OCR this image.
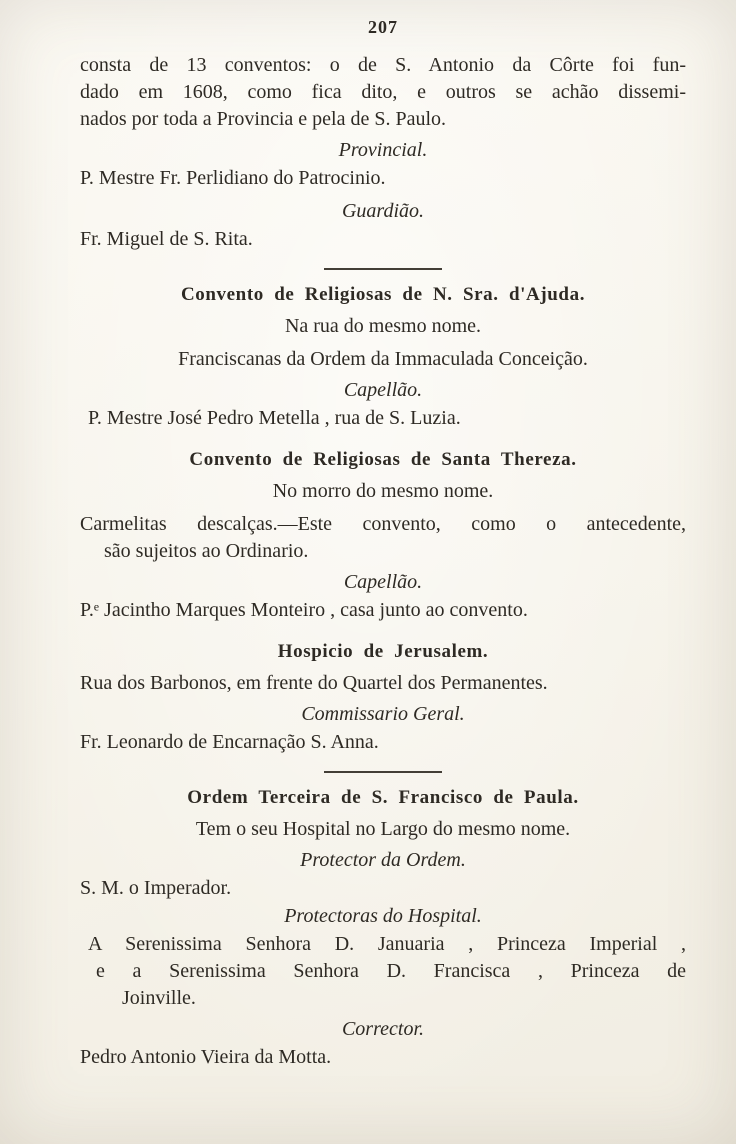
207

consta de 13 conventos: o de S. Antonio da Côrte foi fun-

dado em 1608, como fica dito, e outros se achão dissemi-

nados por toda a Provincia e pela de S. Paulo.

Provincial.

P. Mestre Fr. Perlidiano do Patrocinio.

Guardião.

Fr. Miguel de S. Rita.

Convento de Religiosas de N. Sra. d'Ajuda.

Na rua do mesmo nome.

Franciscanas da Ordem da Immaculada Conceição.

Capellão.

P. Mestre José Pedro Metella , rua de S. Luzia.

Convento de Religiosas de Santa Thereza.

No morro do mesmo nome.

Carmelitas descalças.—Este convento, como o antecedente,

são sujeitos ao Ordinario.

Capellão.

P.ᵉ Jacintho Marques Monteiro , casa junto ao convento.

Hospicio de Jerusalem.

Rua dos Barbonos, em frente do Quartel dos Permanentes.

Commissario Geral.

Fr. Leonardo de Encarnação S. Anna.

Ordem Terceira de S. Francisco de Paula.

Tem o seu Hospital no Largo do mesmo nome.

Protector da Ordem.

S. M. o Imperador.

Protectoras do Hospital.

A Serenissima Senhora D. Januaria , Princeza Imperial ,

e a Serenissima Senhora D. Francisca , Princeza de

Joinville.

Corrector.

Pedro Antonio Vieira da Motta.
